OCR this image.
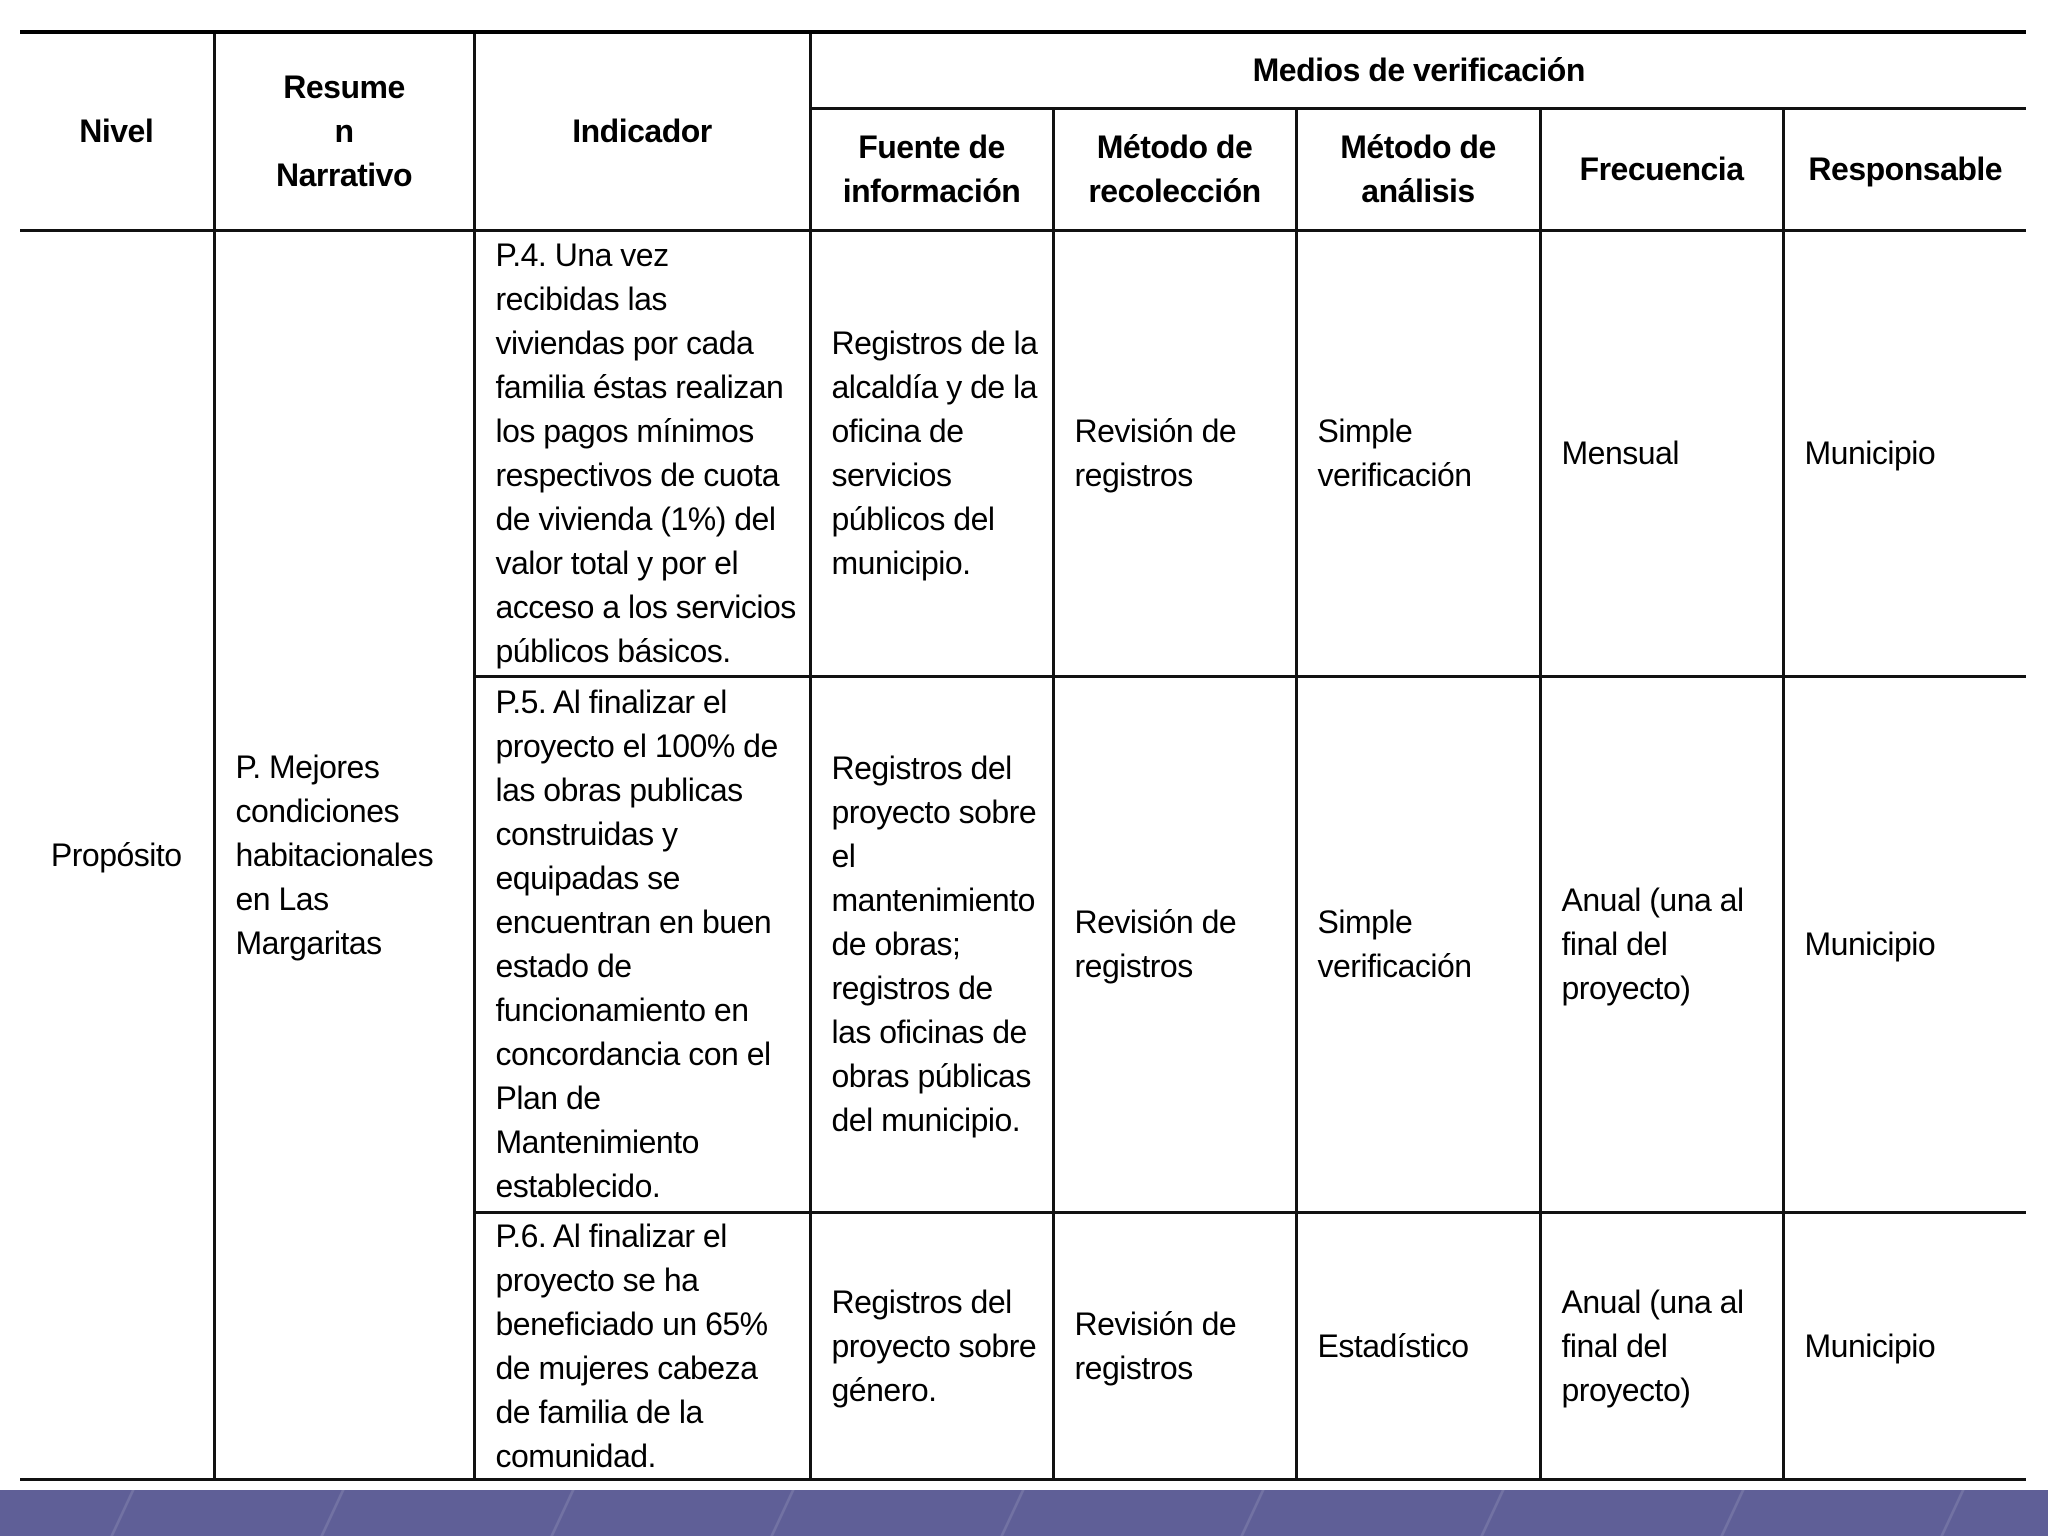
Nivel	Resumen Narrativo	Indicador	Medios de verificación				

			Fuente de información	Método de recolección	Método de análisis	Frecuencia	Responsable
Propósito	P. Mejores condiciones habitacionales en Las Margaritas	P.4. Una vez recibidas las viviendas por cada familia éstas realizan los pagos mínimos respectivos de cuota de vivienda (1%) del valor total y por el acceso a los servicios públicos básicos.	Registros de la alcaldía y de la oficina de servicios públicos del municipio.	Revisión de registros	Simple verificación	Mensual	Municipio
		P.5. Al finalizar el proyecto el 100% de las obras publicas construidas y equipadas se encuentran en buen estado de funcionamiento en concordancia con el Plan de Mantenimiento establecido.	Registros del proyecto sobre el mantenimiento de obras; registros de las oficinas de obras públicas del municipio.	Revisión de registros	Simple verificación	Anual (una al final del proyecto)	Municipio
		P.6. Al finalizar el proyecto se ha beneficiado un 65% de mujeres cabeza de familia de la comunidad.	Registros del proyecto sobre género.	Revisión de registros	Estadístico	Anual (una al final del proyecto)	Municipio
